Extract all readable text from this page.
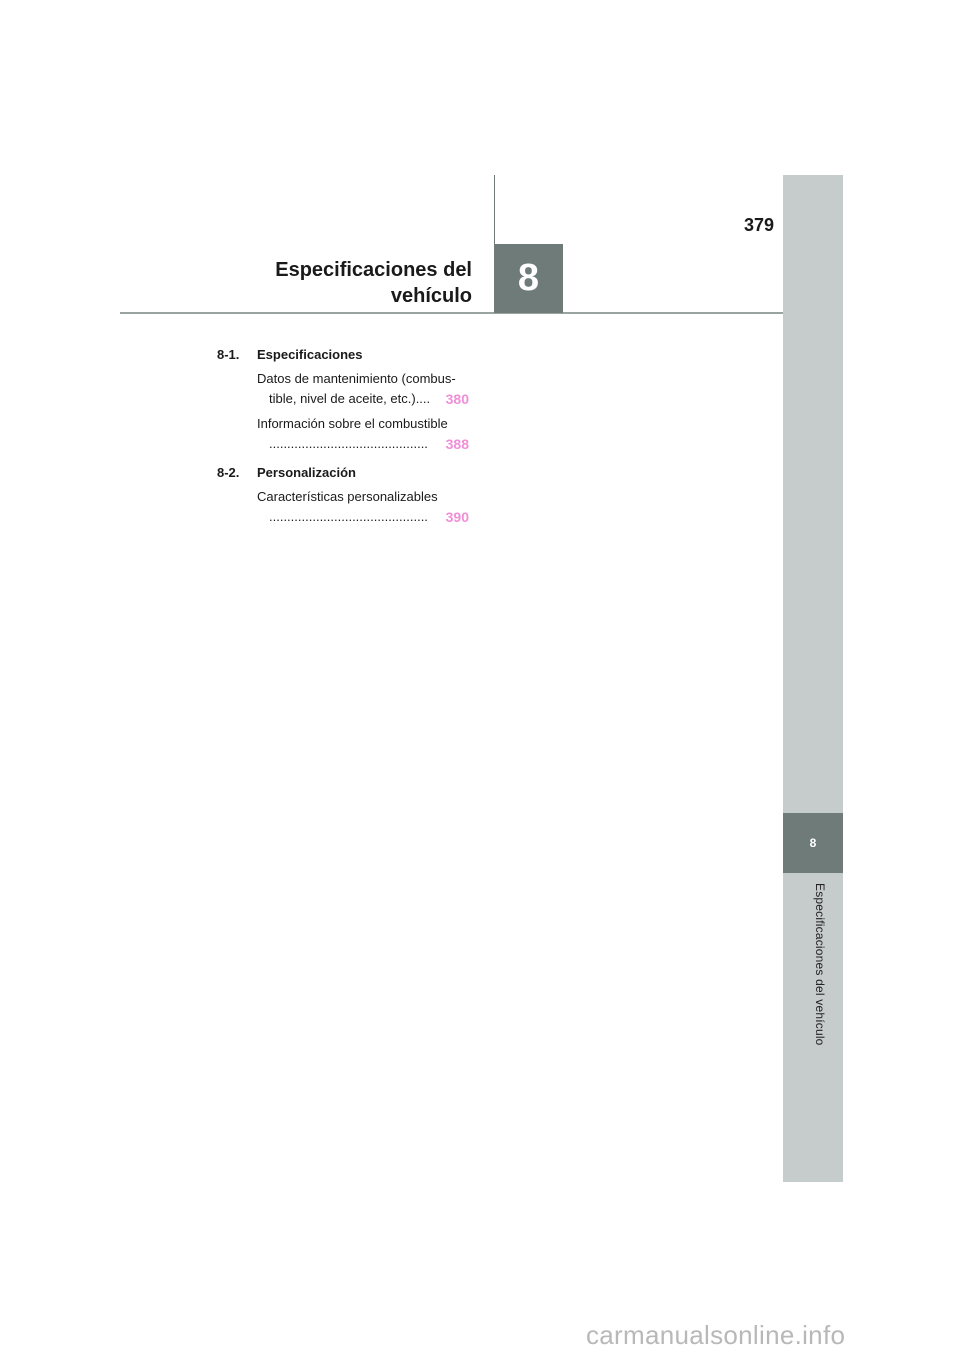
8
Especificaciones del vehículo
8
379
Especificaciones del
vehículo
8-1.	Especificaciones
Datos de mantenimiento (combus-
tible, nivel de aceite, etc.)....	380
Información sobre el combustible
............................................	388
8-2.	Personalización
Características personalizables
............................................	390
carmanualsonline.info
